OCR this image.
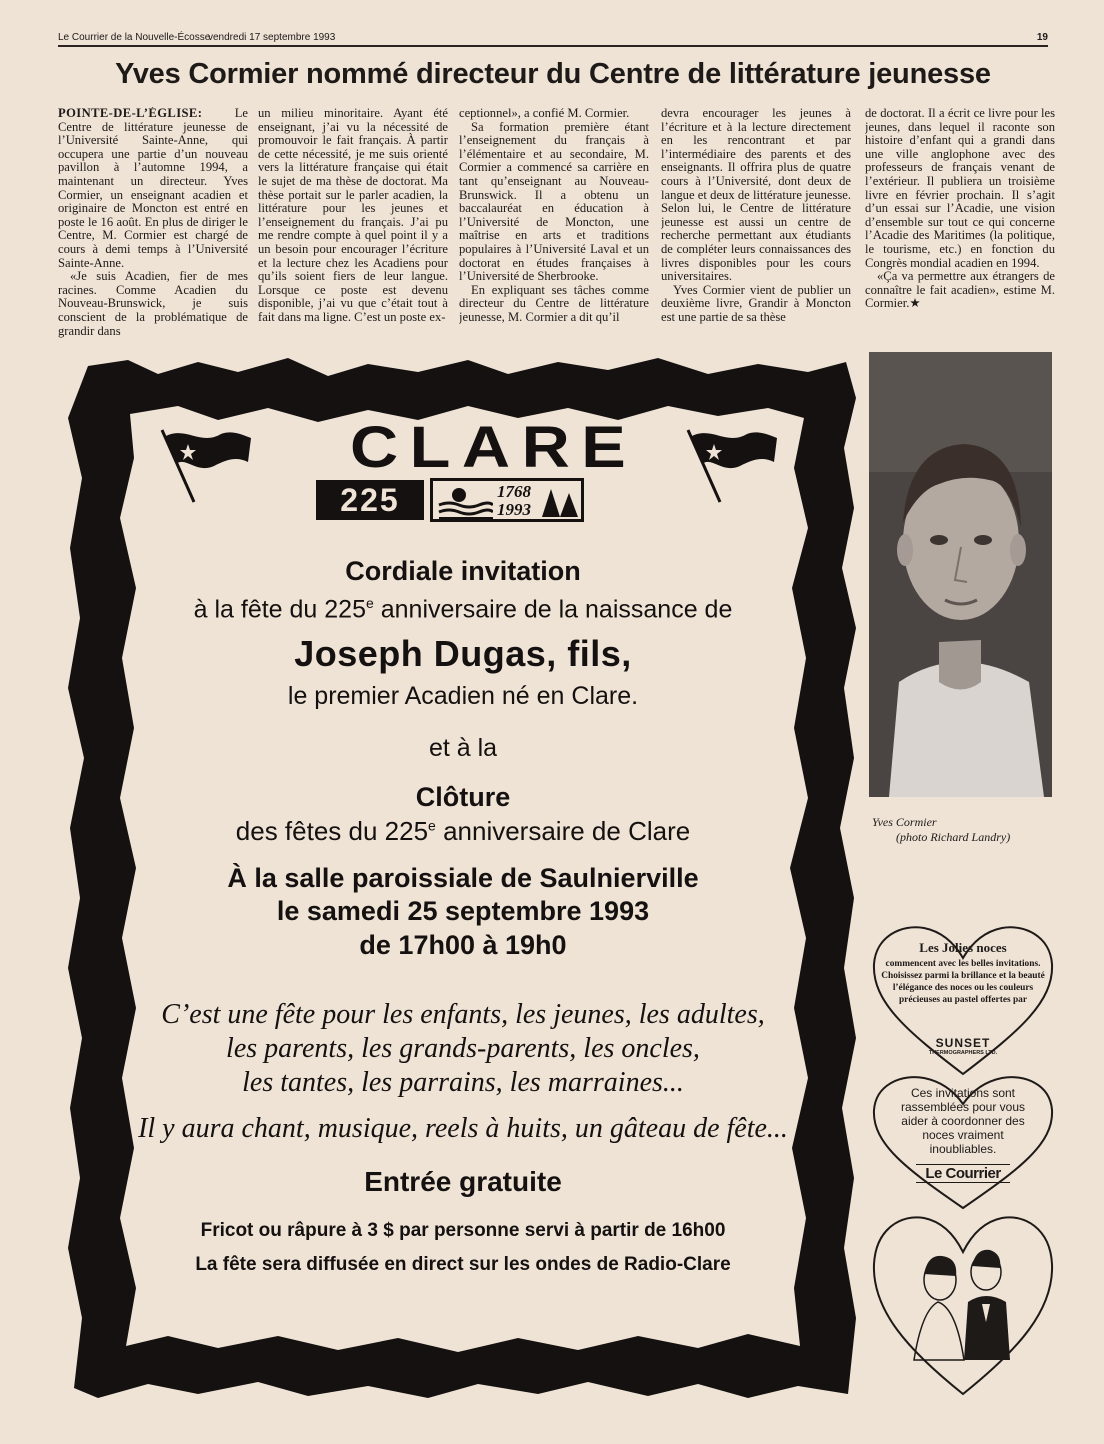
Le Courrier de la Nouvelle-Écosse
vendredi 17 septembre 1993	19
Yves Cormier nommé directeur du Centre de littérature jeunesse

POINTE-DE-L’ÉGLISE:	Le Centre de littérature jeunesse de l’Université Sainte-Anne, qui occupera une partie d’un nouveau pavillon à l’automne 1994, a maintenant un directeur. Yves Cormier, un enseignant acadien et originaire de Moncton est entré en poste le 16 août. En plus de diriger le Centre, M. Cormier est chargé de cours à demi temps à l’Université Sainte-Anne.

«Je suis Acadien, fier de mes racines. Comme Acadien du Nouveau-Brunswick, je suis conscient de la problématique de grandir dans

un milieu minoritaire. Ayant été enseignant, j’ai vu la nécessité de promouvoir le fait français. À partir de cette nécessité, je me suis orienté vers la littérature française qui était le sujet de ma thèse de doctorat. Ma thèse portait sur le parler acadien, la littérature pour les jeunes et l’enseignement du français. J’ai pu me rendre compte à quel point il y a un besoin pour encourager l’écriture et la lecture chez les Acadiens pour qu’ils soient fiers de leur langue. Lorsque ce poste est devenu disponible, j’ai vu que c’était tout à fait dans ma ligne. C’est un poste ex-

ceptionnel», a confié M. Cormier.

Sa formation première étant l’enseignement du français à l’élémentaire et au secondaire, M. Cormier a commencé sa carrière en tant qu’enseignant au Nouveau-Brunswick. Il a obtenu un baccalauréat en éducation à l’Université de Moncton, une maîtrise en arts et traditions populaires à l’Université Laval et un doctorat en études françaises à l’Université de Sherbrooke.

En expliquant ses tâches comme directeur du Centre de littérature jeunesse, M. Cormier a dit qu’il

devra encourager les jeunes à l’écriture et à la lecture directement en les rencontrant et par l’intermédiaire des parents et des enseignants. Il offrira plus de quatre cours à l’Université, dont deux de langue et deux de littérature jeunesse. Selon lui, le Centre de littérature jeunesse est aussi un centre de recherche permettant aux étudiants de compléter leurs connaissances des livres disponibles pour les cours universitaires.

Yves Cormier vient de publier un deuxième livre, Grandir à Moncton est une partie de sa thèse

de doctorat. Il a écrit ce livre pour les jeunes, dans lequel il raconte son histoire d’enfant qui a grandi dans une ville anglophone avec des professeurs de français venant de l’extérieur. Il publiera un troisième livre en février prochain. Il s’agit d’un essai sur l’Acadie, une vision d’ensemble sur tout ce qui concerne l’Acadie des Maritimes (la politique, le tourisme, etc.) en fonction du Congrès mondial acadien en 1994.

«Ça va permettre aux étrangers de connaître le fait acadien», estime M. Cormier.★

CLARE
225	1768
1993
Cordiale invitation
à la fête du 225e anniversaire de la naissance de
Joseph Dugas, fils,
le premier Acadien né en Clare.
et à la
Clôture
des fêtes du 225e anniversaire de Clare
À la salle paroissiale de Saulnierville
le samedi 25 septembre 1993
de 17h00 à 19h0
C’est une fête pour les enfants, les jeunes, les adultes,
les parents, les grands-parents, les oncles,
les tantes, les parrains, les marraines...
Il y aura chant, musique, reels à huits, un gâteau de fête...
Entrée gratuite
Fricot ou râpure à 3 $ par personne servi à partir de 16h00
La fête sera diffusée en direct sur les ondes de Radio-Clare
Yves Cormier
(photo Richard Landry)
Les Jolies noces
commencent avec les belles invitations. Choisissez parmi la brillance et la beauté l’élégance des noces ou les couleurs précieuses au pastel offertes par
SUNSET
THERMOGRAPHERS LTD.
Ces invitations sont rassemblées pour vous aider à coordonner des noces vraiment inoubliables.
Le Courrier
